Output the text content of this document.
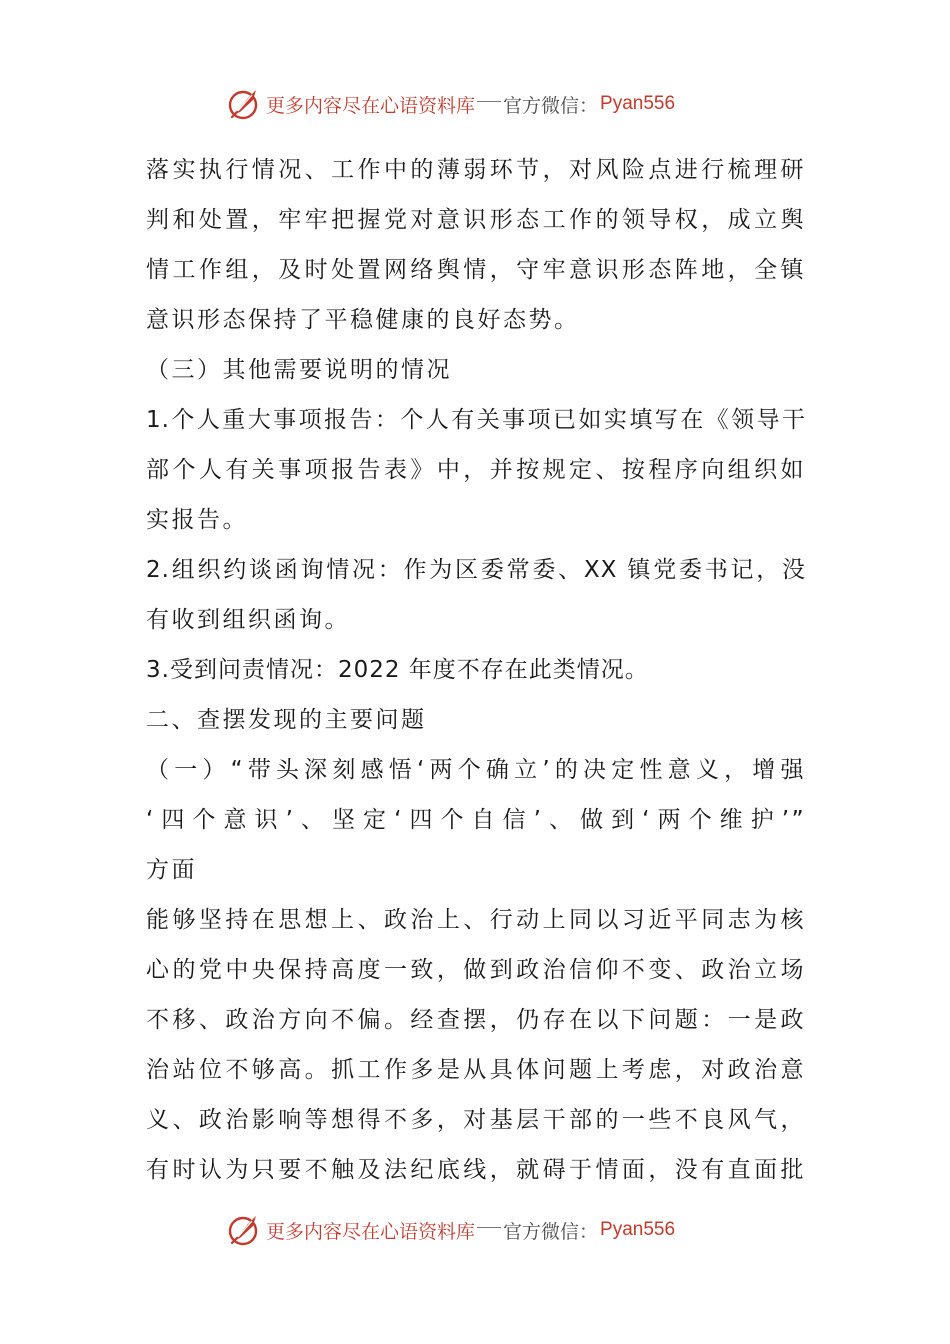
更多内容尽在心语资料库 官方微信： Pyan556
落实执行情况、工作中的薄弱环节，对风险点进行梳理研
判和处置，牢牢把握党对意识形态工作的领导权，成立舆
情工作组，及时处置网络舆情，守牢意识形态阵地，全镇
意识形态保持了平稳健康的良好态势。
（三）其他需要说明的情况
1.个人重大事项报告：个人有关事项已如实填写在《领导干
部个人有关事项报告表》中，并按规定、按程序向组织如
实报告。
2.组织约谈函询情况：作为区委常委、XX 镇党委书记，没
有收到组织函询。
3.受到问责情况：2022 年度不存在此类情况。
二、查摆发现的主要问题
（一）“带头深刻感悟‘两个确立’的决定性意义，增强
‘四个意识’、坚定‘四个自信’、做到‘两个维护’”
方面
能够坚持在思想上、政治上、行动上同以习近平同志为核
心的党中央保持高度一致，做到政治信仰不变、政治立场
不移、政治方向不偏。经查摆，仍存在以下问题：一是政
治站位不够高。抓工作多是从具体问题上考虑，对政治意
义、政治影响等想得不多，对基层干部的一些不良风气，
有时认为只要不触及法纪底线，就碍于情面，没有直面批
更多内容尽在心语资料库 官方微信： Pyan556
